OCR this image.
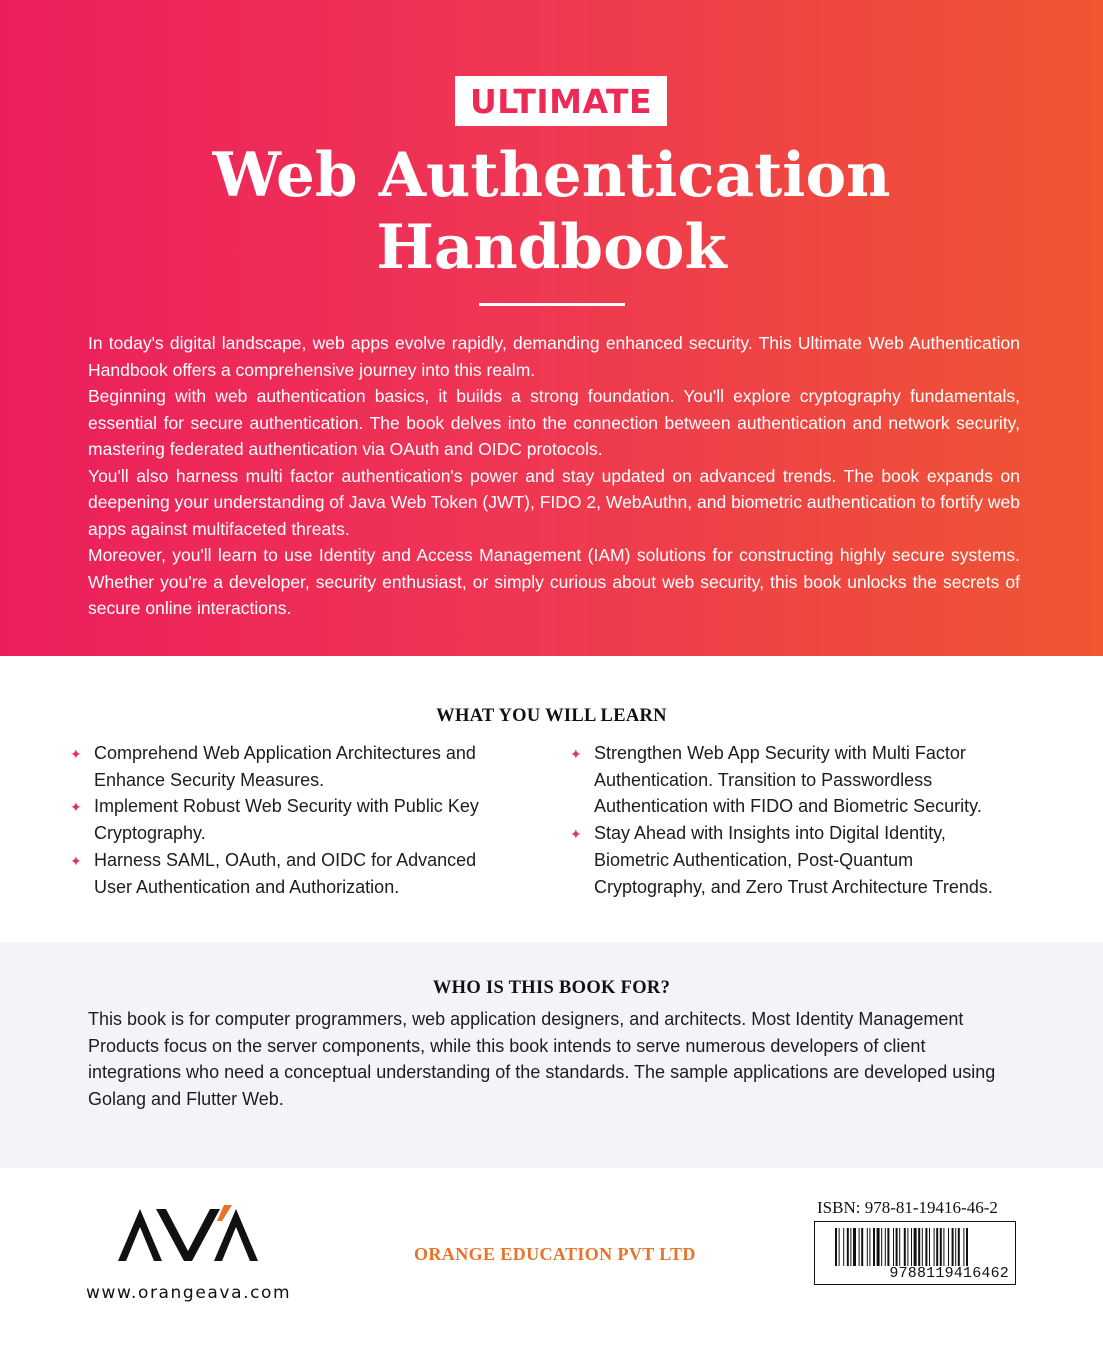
ULTIMATE
Web Authentication
Handbook

In today's digital landscape, web apps evolve rapidly, demanding enhanced security. This Ultimate Web Authentication Handbook offers a comprehensive journey into this realm.

Beginning with web authentication basics, it builds a strong foundation. You'll explore cryptography fundamentals, essential for secure authentication. The book delves into the connection between authentication and network security, mastering federated authentication via OAuth and OIDC protocols.

You'll also harness multi factor authentication's power and stay updated on advanced trends. The book expands on deepening your understanding of Java Web Token (JWT), FIDO 2, WebAuthn, and biometric authentication to fortify web apps against multifaceted threats.

Moreover, you'll learn to use Identity and Access Management (IAM) solutions for constructing highly secure systems. Whether you're a developer, security enthusiast, or simply curious about web security, this book unlocks the secrets of secure online interactions.

WHAT YOU WILL LEARN
✦ Comprehend Web Application Architectures and Enhance Security Measures.
✦ Implement Robust Web Security with Public Key Cryptography.
✦ Harness SAML, OAuth, and OIDC for Advanced User Authentication and Authorization.
✦ Strengthen Web App Security with Multi Factor Authentication. Transition to Passwordless Authentication with FIDO and Biometric Security.
✦ Stay Ahead with Insights into Digital Identity, Biometric Authentication, Post-Quantum Cryptography, and Zero Trust Architecture Trends.
WHO IS THIS BOOK FOR?

This book is for computer programmers, web application designers, and architects. Most Identity Management Products focus on the server components, while this book intends to serve numerous developers of client integrations who need a conceptual understanding of the standards. The sample applications are developed using Golang and Flutter Web.

www.orangeava.com
ORANGE EDUCATION PVT LTD
ISBN: 978-81-19416-46-2
9788119416462
